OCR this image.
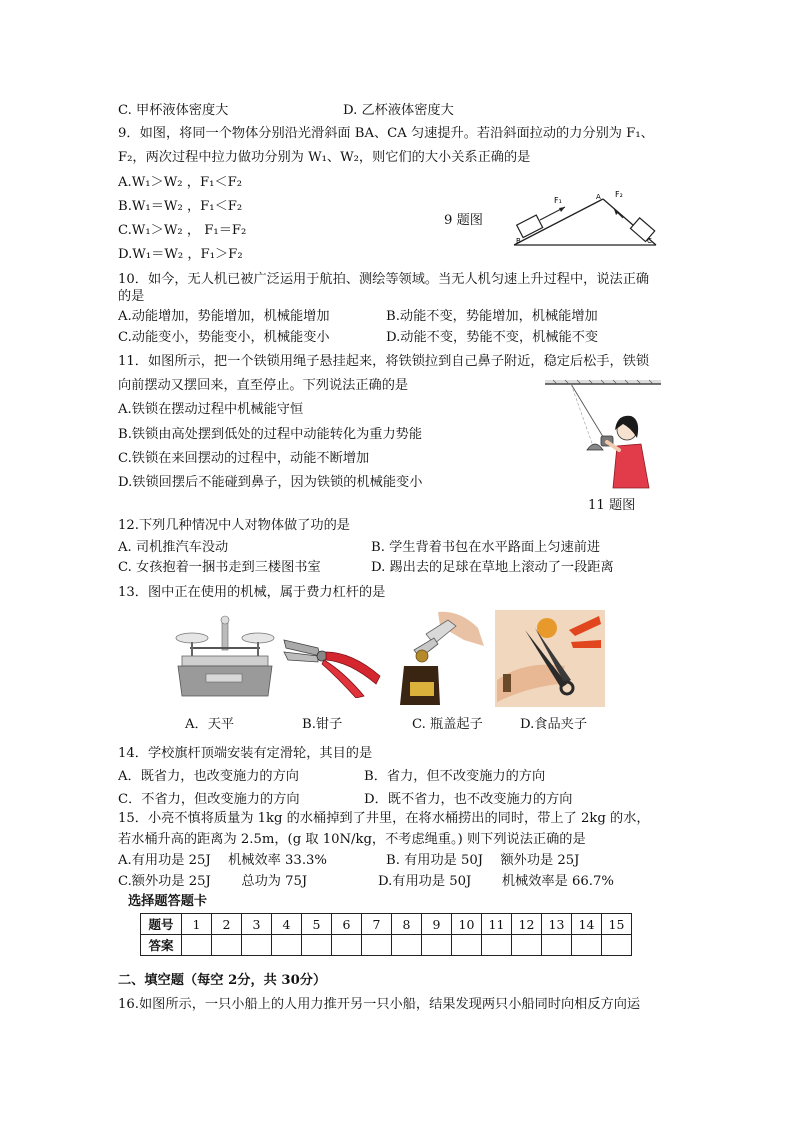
C. 甲杯液体密度大	D. 乙杯液体密度大
9．如图，将同一个物体分别沿光滑斜面 BA、CA 匀速提升。若沿斜面拉动的力分别为 F₁、
F₂，两次过程中拉力做功分别为 W₁、W₂，则它们的大小关系正确的是
A.W₁＞W₂ ，F₁＜F₂
B.W₁＝W₂ ，F₁＜F₂
C.W₁＞W₂ ， F₁＝F₂
D.W₁＝W₂ ，F₁＞F₂
9 题图
F₁
F₂
A
B	C
10．如今，无人机已被广泛运用于航拍、测绘等领域。当无人机匀速上升过程中，说法正确
的是
A.动能增加，势能增加，机械能增加	B.动能不变，势能增加，机械能增加
C.动能变小，势能变小，机械能变小	D.动能不变，势能不变，机械能不变
11．如图所示，把一个铁锁用绳子悬挂起来，将铁锁拉到自己鼻子附近，稳定后松手，铁锁
向前摆动又摆回来，直至停止。下列说法正确的是
A.铁锁在摆动过程中机械能守恒
B.铁锁由高处摆到低处的过程中动能转化为重力势能
C.铁锁在来回摆动的过程中，动能不断增加
D.铁锁回摆后不能碰到鼻子，因为铁锁的机械能变小
11 题图
12.下列几种情况中人对物体做了功的是
A. 司机推汽车没动	B. 学生背着书包在水平路面上匀速前进
C. 女孩抱着一捆书走到三楼图书室	D. 踢出去的足球在草地上滚动了一段距离
13．图中正在使用的机械，属于费力杠杆的是
A．天平	B.钳子	C. 瓶盖起子	D.食品夹子
14．学校旗杆顶端安装有定滑轮，其目的是
A．既省力，也改变施力的方向	B．省力，但不改变施力的方向
C．不省力，但改变施力的方向	D．既不省力，也不改变施力的方向
15．小亮不慎将质量为 1kg 的水桶掉到了井里，在将水桶捞出的同时，带上了 2kg 的水，
若水桶升高的距离为 2.5m，(g 取 10N/kg，不考虑绳重。) 则下列说法正确的是
A.有用功是 25J　 机械效率 33.3%	B. 有用功是 50J　 额外功是 25J
C.额外功是 25J　　 总功为 75J	D.有用功是 50J　　 机械效率是 66.7%
选择题答题卡
题号	1	2	3	4	5	6	7	8	9	10	11	12	13	14	15
答案															
二、填空题（每空 2分，共 30分）
16.如图所示，一只小船上的人用力推开另一只小船，结果发现两只小船同时向相反方向运
